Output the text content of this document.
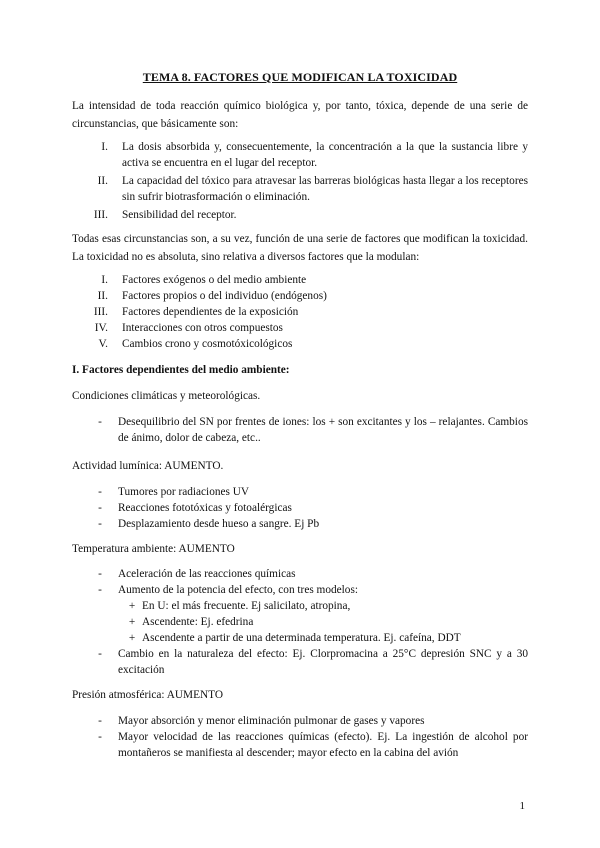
TEMA 8. FACTORES QUE MODIFICAN LA TOXICIDAD
La intensidad de toda reacción químico biológica y, por tanto, tóxica, depende de una serie de circunstancias, que básicamente son:
I.	La dosis absorbida y, consecuentemente, la concentración a la que la sustancia libre y activa se encuentra en el lugar del receptor.
II.	La capacidad del tóxico para atravesar las barreras biológicas hasta llegar a los receptores sin sufrir biotrasformación o eliminación.
III.	Sensibilidad del receptor.
Todas esas circunstancias son, a su vez, función de una serie de factores que modifican la toxicidad. La toxicidad no es absoluta, sino relativa a diversos factores que la modulan:
I.	Factores exógenos o del medio ambiente
II.	Factores propios o del individuo (endógenos)
III.	Factores dependientes de la exposición
IV.	Interacciones con otros compuestos
V.	Cambios crono y cosmotóxicológicos
I. Factores dependientes del medio ambiente:
Condiciones climáticas y meteorológicas.
-	Desequilibrio del SN por frentes de iones: los + son excitantes y los – relajantes. Cambios de ánimo, dolor de cabeza, etc..
Actividad lumínica: AUMENTO.
-	Tumores por radiaciones UV
-	Reacciones fototóxicas y fotoalérgicas
-	Desplazamiento desde hueso a sangre. Ej Pb
Temperatura ambiente: AUMENTO
-	Aceleración de las reacciones químicas
-	Aumento de la potencia del efecto, con tres modelos:
+ En U: el más frecuente. Ej salicilato, atropina,
+ Ascendente: Ej. efedrina
+ Ascendente a partir de una determinada temperatura. Ej. cafeína, DDT
-	Cambio en la naturaleza del efecto: Ej. Clorpromacina a 25°C depresión SNC y a 30 excitación
Presión atmosférica: AUMENTO
-	Mayor absorción y menor eliminación pulmonar de gases y vapores
-	Mayor velocidad de las reacciones químicas (efecto). Ej. La ingestión de alcohol por montañeros se manifiesta al descender; mayor efecto en la cabina del avión
1
